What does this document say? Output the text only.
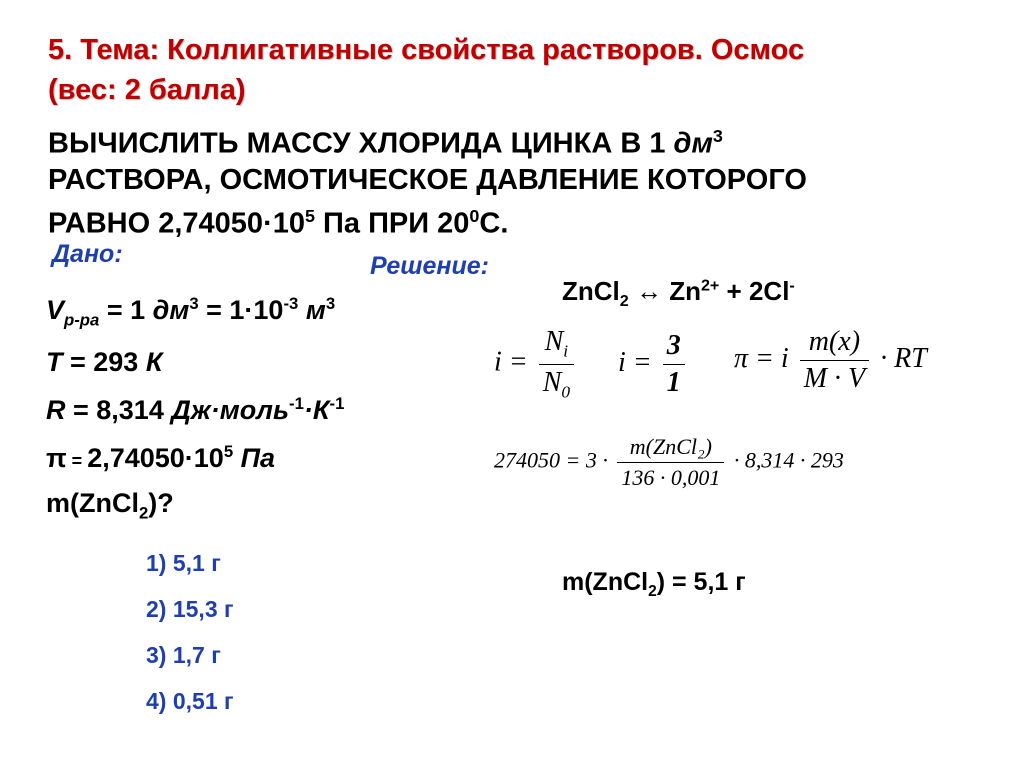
5. Тема: Коллигативные свойства растворов. Осмос
(вес: 2 балла)
ВЫЧИСЛИТЬ МАССУ ХЛОРИДА ЦИНКА В 1 $дм^3$
РАСТВОРА, ОСМОТИЧЕСКОЕ ДАВЛЕНИЕ КОТОРОГО
РАВНО $2,74050\cdot 10^5$ Па ПРИ $20^0С$.
Дано:	Решение:
$V_{р-ра} = 1$ $дм^3 = 1\cdot 10^{-3}$ $м^3$
Т = 293 К
R = 8,314 $Дж\cdot моль^{-1}\cdot К^{-1}$
$\pi = 2,74050\cdot 10^5$ Па
m(ZnCl$_2$)?
ZnCl$_2$ ↔ $Zn^{2+} + 2Cl^-$
$i = \frac{N_i}{N_0}$ $i = \frac{3}{1}$ π = i $\frac{m(x)}{M \cdot V}$ · RT
$274050 = 3 \cdot \frac{\text{m(ZnCl₂)}}{136 \cdot 0,001} \cdot 8,314 \cdot 293$
m(ZnCl$_2$) = 5,1 г
1) 5,1 г
2) 15,3 г
3) 1,7 г
4) 0,51 г
